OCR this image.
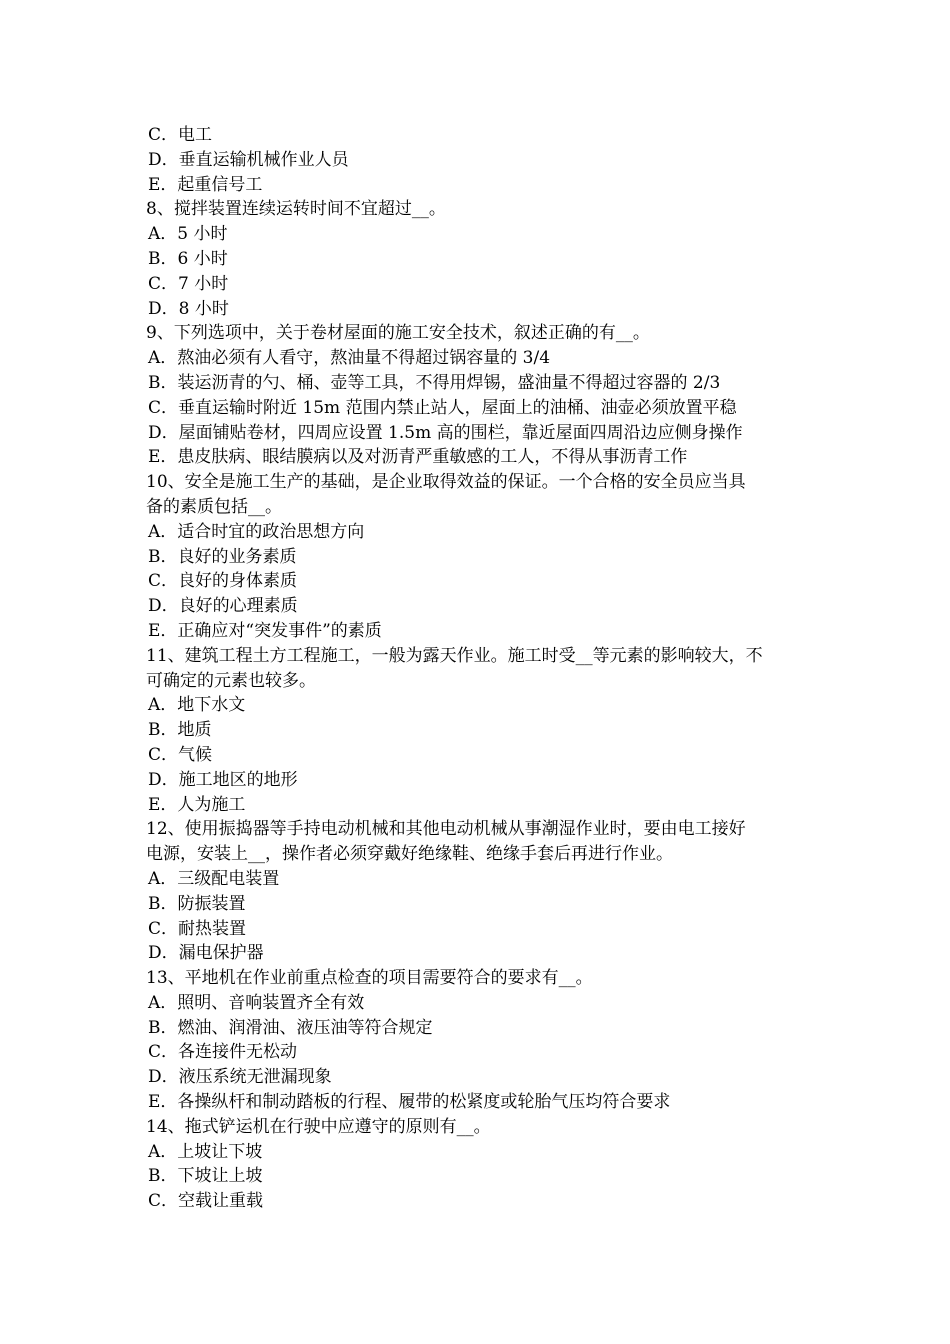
C．电工
D．垂直运输机械作业人员
E．起重信号工
8、搅拌装置连续运转时间不宜超过__。
A．5 小时
B．6 小时
C．7 小时
D．8 小时
9、下列选项中，关于卷材屋面的施工安全技术，叙述正确的有__。
A．熬油必须有人看守，熬油量不得超过锅容量的 3/4
B．装运沥青的勺、桶、壶等工具，不得用焊锡，盛油量不得超过容器的 2/3
C．垂直运输时附近 15m 范围内禁止站人，屋面上的油桶、油壶必须放置平稳
D．屋面铺贴卷材，四周应设置 1.5m 高的围栏，靠近屋面四周沿边应侧身操作
E．患皮肤病、眼结膜病以及对沥青严重敏感的工人，不得从事沥青工作
10、安全是施工生产的基础，是企业取得效益的保证。一个合格的安全员应当具
备的素质包括__。
A．适合时宜的政治思想方向
B．良好的业务素质
C．良好的身体素质
D．良好的心理素质
E．正确应对“突发事件”的素质
11、建筑工程土方工程施工，一般为露天作业。施工时受__等元素的影响较大，不
可确定的元素也较多。
A．地下水文
B．地质
C．气候
D．施工地区的地形
E．人为施工
12、使用振捣器等手持电动机械和其他电动机械从事潮湿作业时，要由电工接好
电源，安装上__，操作者必须穿戴好绝缘鞋、绝缘手套后再进行作业。
A．三级配电装置
B．防振装置
C．耐热装置
D．漏电保护器
13、平地机在作业前重点检查的项目需要符合的要求有__。
A．照明、音响装置齐全有效
B．燃油、润滑油、液压油等符合规定
C．各连接件无松动
D．液压系统无泄漏现象
E．各操纵杆和制动踏板的行程、履带的松紧度或轮胎气压均符合要求
14、拖式铲运机在行驶中应遵守的原则有__。
A．上坡让下坡
B．下坡让上坡
C．空载让重载
